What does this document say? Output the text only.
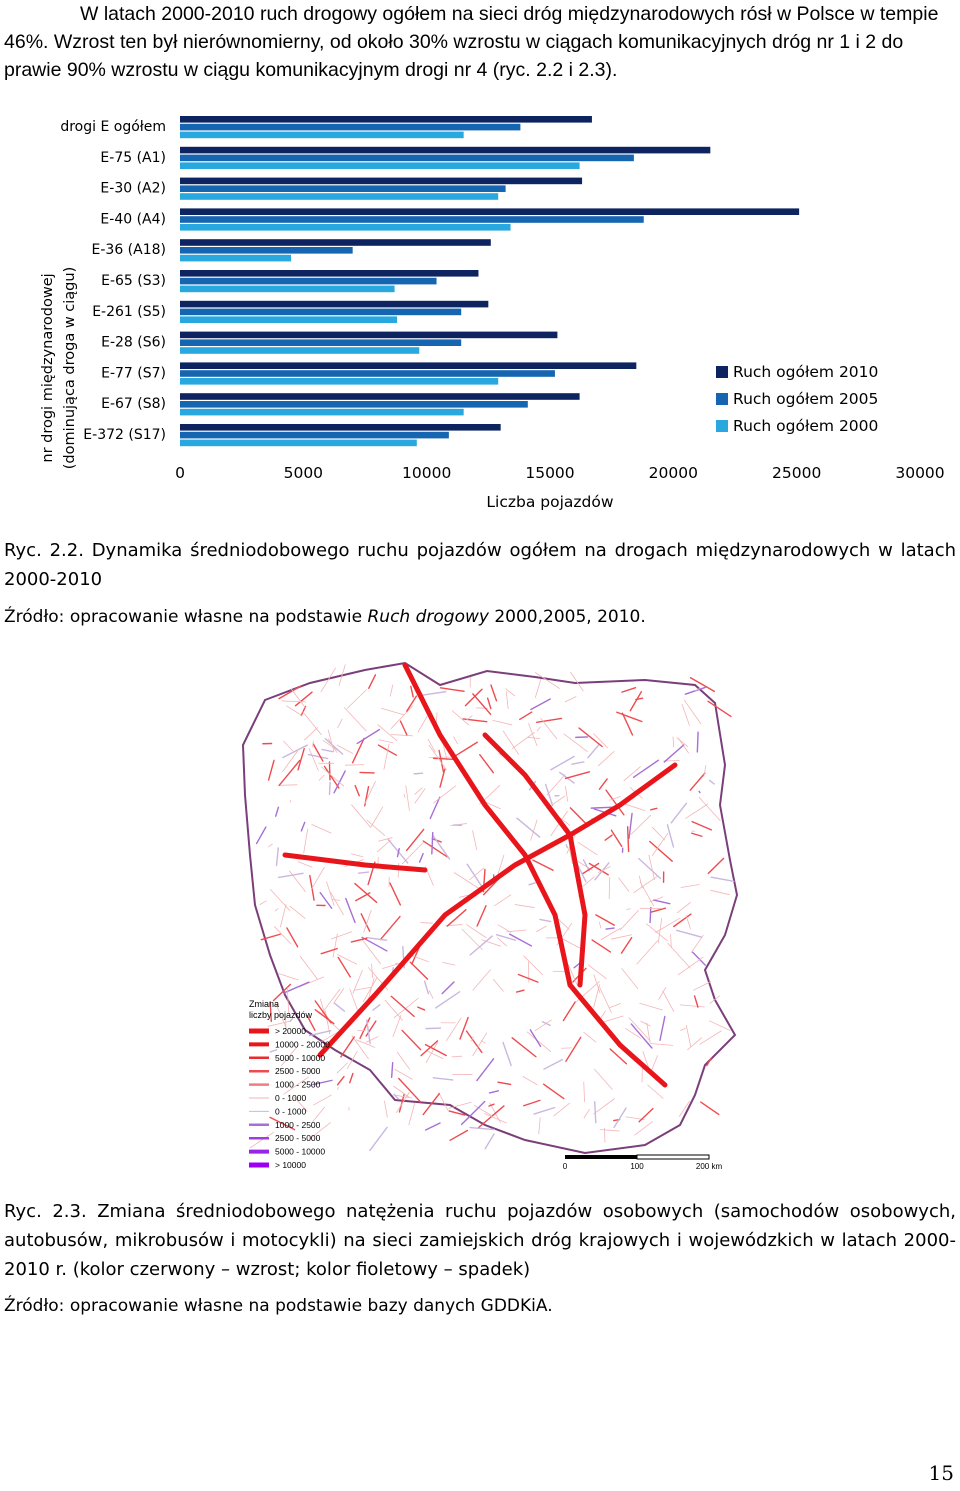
W latach 2000-2010 ruch drogowy ogółem na sieci dróg międzynarodowych rósł w Polsce w tempie 46%. Wzrost ten był nierównomierny, od około 30% wzrostu w ciągach komunikacyjnych dróg nr 1 i 2 do prawie 90% wzrostu w ciągu komunikacyjnym drogi nr 4 (ryc. 2.2 i 2.3).
drogi E ogółem
E-75 (A1)
E-30 (A2)
E-40 (A4)
E-36 (A18)
E-65 (S3)
E-261 (S5)
E-28 (S6)
E-77 (S7)
E-67 (S8)
E-372 (S17)
0	5000	10000	15000	20000	25000	30000
nr drogi międzynarodowej (dominująca droga w ciągu)
Liczba pojazdów
Ruch ogółem 2010
Ruch ogółem 2005
Ruch ogółem 2000
Ryc. 2.2. Dynamika średniodobowego ruchu pojazdów ogółem na drogach międzynarodowych w latach 2000-2010
Źródło: opracowanie własne na podstawie Ruch drogowy 2000,2005, 2010.
Zmiana
liczby pojazdów
> 20000
10000 - 20000
5000 - 10000
2500 - 5000
1000 - 2500
0 - 1000
0 - 1000
1000 - 2500
2500 - 5000
5000 - 10000
> 10000	0	100	200 km
Ryc. 2.3. Zmiana średniodobowego natężenia ruchu pojazdów osobowych (samochodów osobowych, autobusów, mikrobusów i motocykli) na sieci zamiejskich dróg krajowych i wojewódzkich w latach 2000-2010 r. (kolor czerwony – wzrost; kolor fioletowy – spadek)
Źródło: opracowanie własne na podstawie bazy danych GDDKiA.
15
